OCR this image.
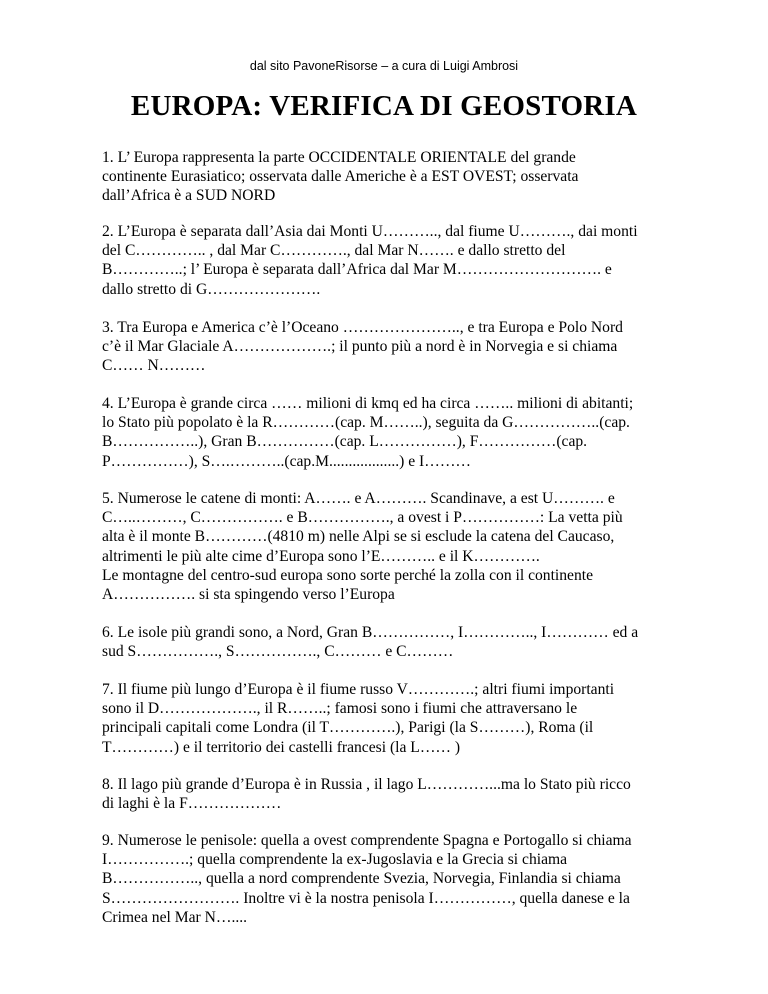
dal sito PavoneRisorse – a cura di Luigi Ambrosi
EUROPA: VERIFICA DI GEOSTORIA
1. L’ Europa rappresenta la parte OCCIDENTALE ORIENTALE del grande
continente Eurasiatico; osservata dalle Americhe è a EST OVEST; osservata
dall’Africa è a SUD NORD
2. L’Europa è separata dall’Asia dai Monti U……….., dal fiume U………., dai monti
del C………….. , dal Mar C…………., dal Mar N……. e dallo stretto del
B…………..; l’ Europa è separata dall’Africa dal Mar M………………………. e
dallo stretto di G………………….
3. Tra Europa e America c’è l’Oceano ………………….., e tra Europa e Polo Nord
c’è il Mar Glaciale A……………….; il punto più a nord è in Norvegia e si chiama
C…… N………
4. L’Europa è grande circa …… milioni di kmq ed ha circa …….. milioni di abitanti;
lo Stato più popolato è la R…………(cap. M……..), seguita da G……………..(cap.
B……………..), Gran B……………(cap. L……………), F……………(cap.
P……………), S….………..(cap.M..................) e I………
5. Numerose le catene di monti: A……. e A………. Scandinave, a est U………. e
C…..………, C……………. e B……………., a ovest i P……………: La vetta più
alta è il monte B…………(4810 m) nelle Alpi se si esclude la catena del Caucaso,
altrimenti le più alte cime d’Europa sono l’E……….. e il K………….
Le montagne del centro-sud europa sono sorte perché la zolla con il continente
A……………. si sta spingendo verso l’Europa
6. Le isole più grandi sono, a Nord, Gran B……………, I………….., I………… ed a
sud S……………., S……………., C……… e C………
7. Il fiume più lungo d’Europa è il fiume russo V………….; altri fiumi importanti
sono il D………………., il R……..; famosi sono i fiumi che attraversano le
principali capitali come Londra (il T………….), Parigi (la S………), Roma (il
T…………) e il territorio dei castelli francesi (la L…… )
8. Il lago più grande d’Europa è in Russia , il lago L…………...ma lo Stato più ricco
di laghi è la F………………
9. Numerose le penisole: quella a ovest comprendente Spagna e Portogallo si chiama
I…………….; quella comprendente la ex-Jugoslavia e la Grecia si chiama
B…………….., quella a nord comprendente Svezia, Norvegia, Finlandia si chiama
S……………………. Inoltre vi è la nostra penisola I……………, quella danese e la
Crimea nel Mar N…....
